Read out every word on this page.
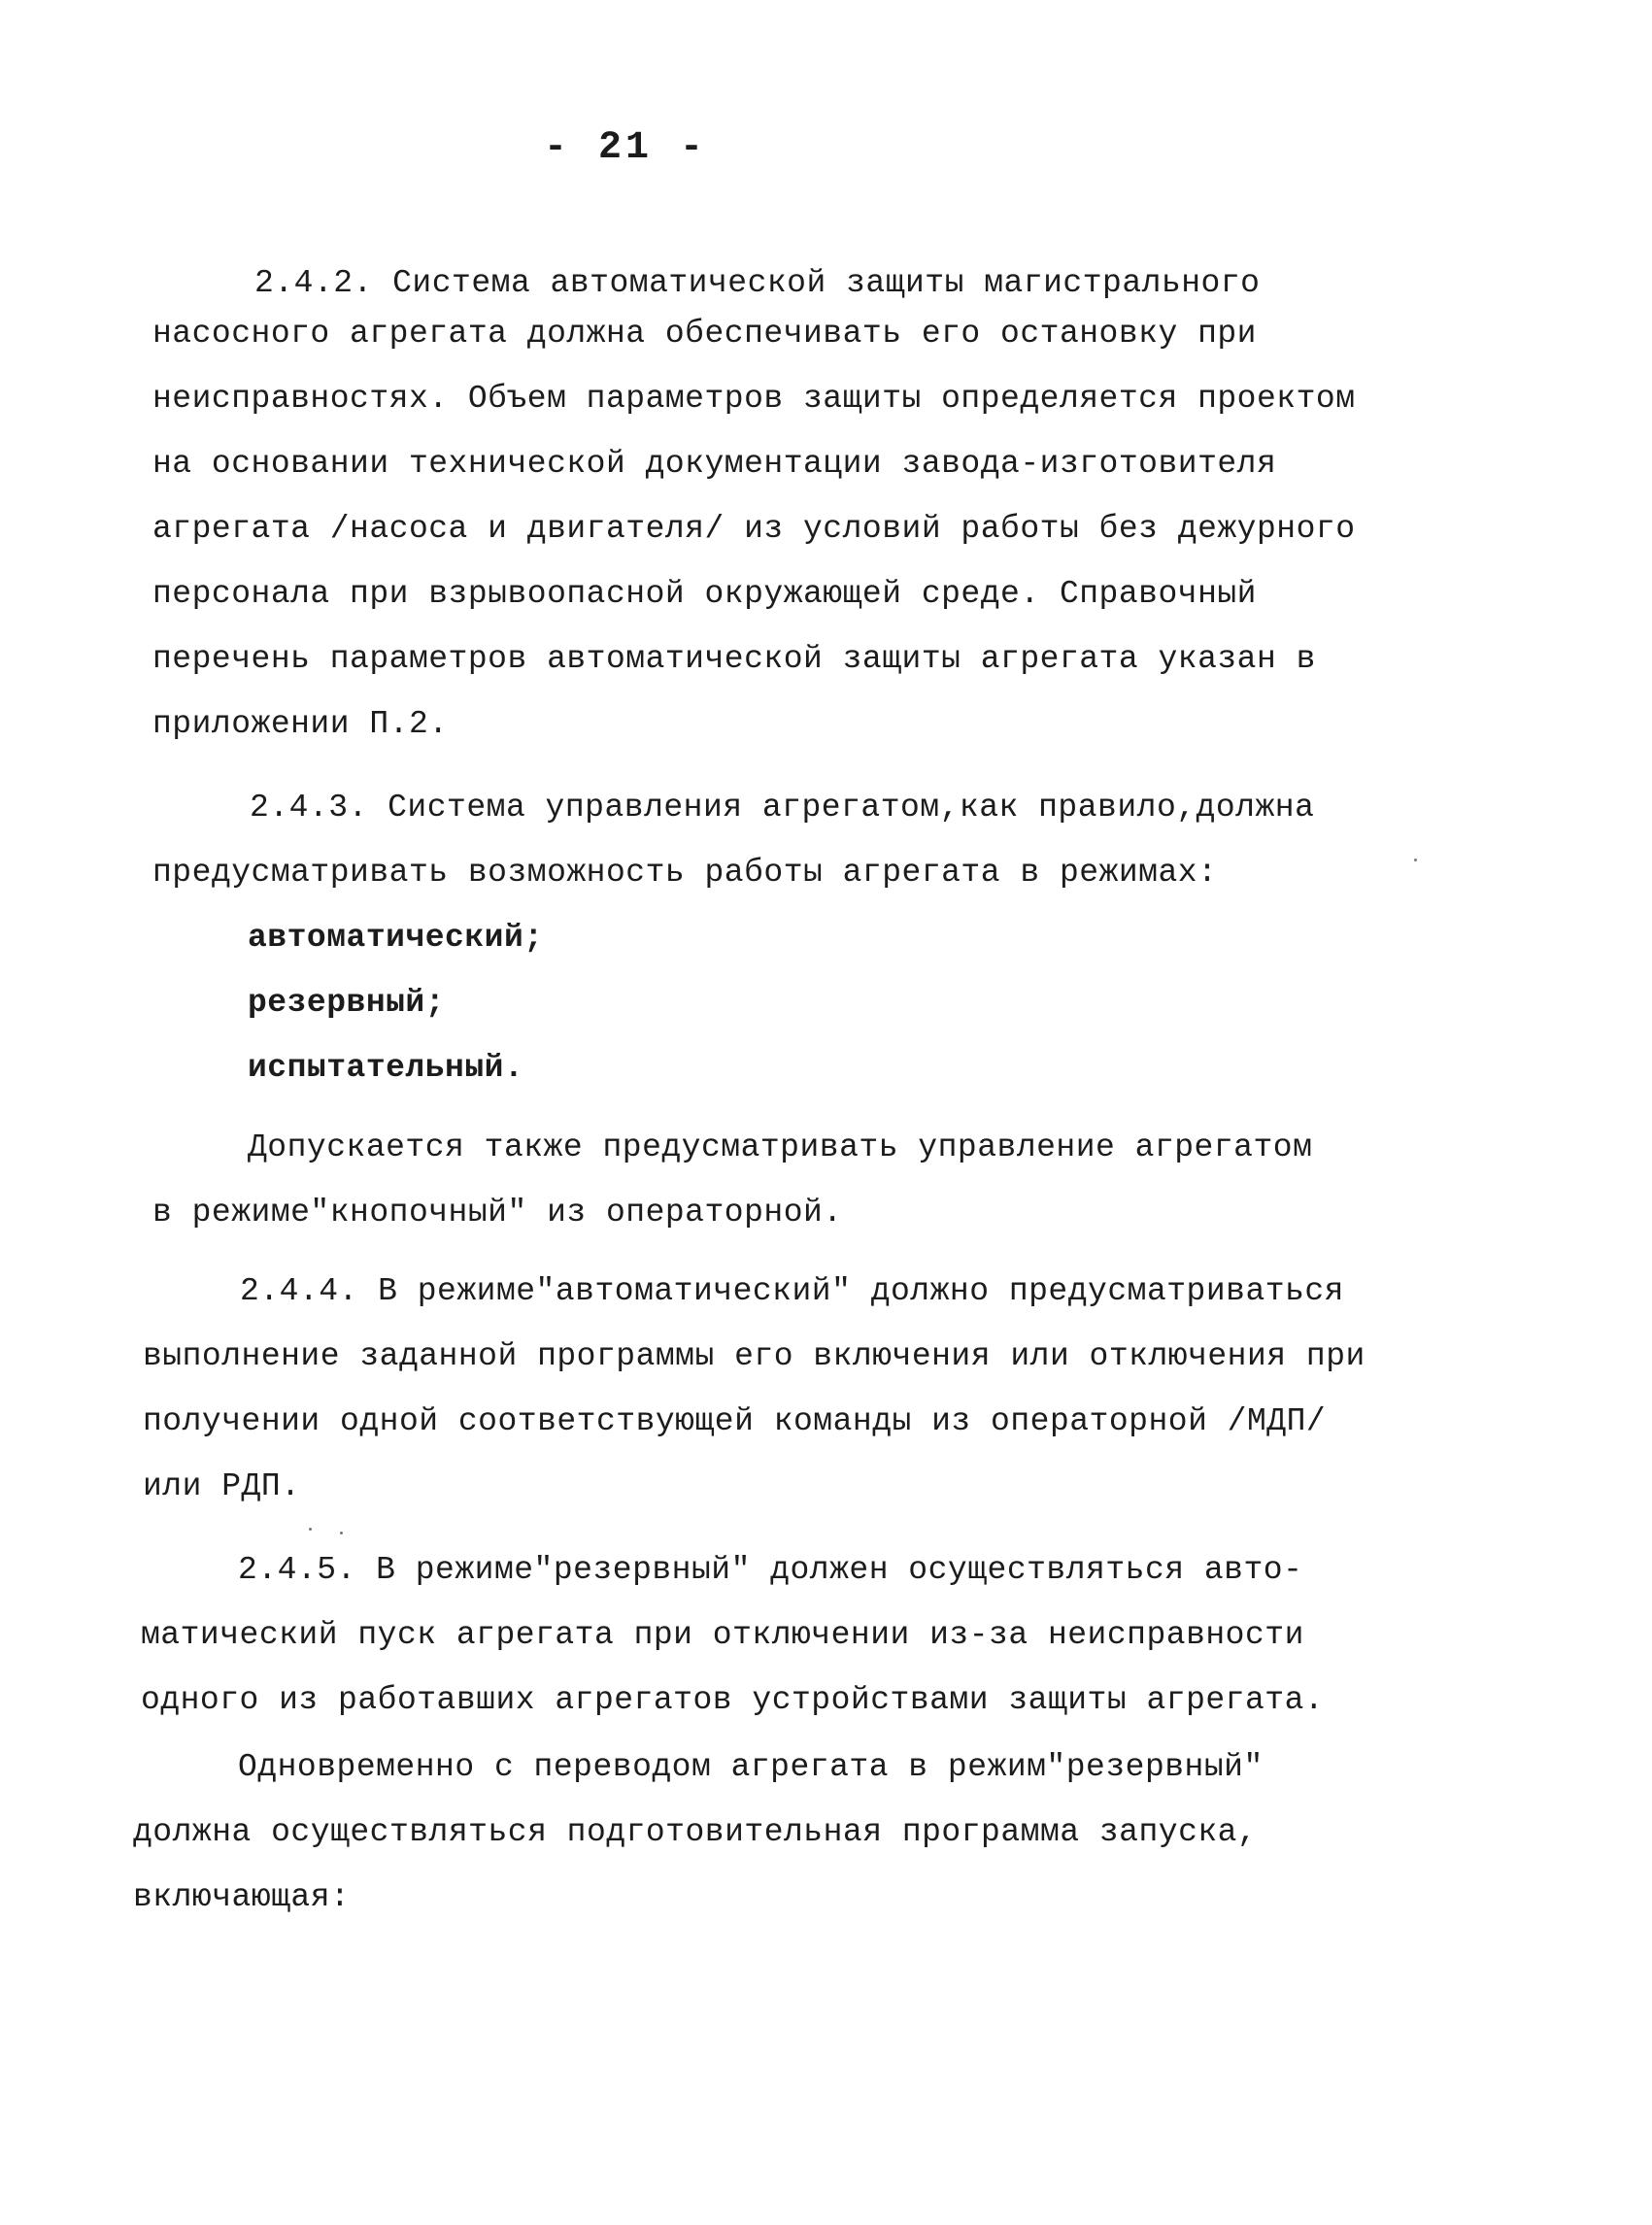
- 21 -
2.4.2. Система автоматической защиты магистрального
насосного агрегата должна обеспечивать его остановку при
неисправностях. Объем параметров защиты определяется проектом
на основании технической документации завода-изготовителя
агрегата /насоса и двигателя/ из условий работы без дежурного
персонала при взрывоопасной окружающей среде. Справочный
перечень параметров автоматической защиты агрегата указан в
приложении П.2.
2.4.3. Система управления агрегатом,как правило,должна
предусматривать возможность работы агрегата в режимах:
автоматический;
резервный;
испытательный.
Допускается также предусматривать управление агрегатом
в режиме"кнопочный" из операторной.
2.4.4. В режиме"автоматический" должно предусматриваться
выполнение заданной программы его включения или отключения при
получении одной соответствующей команды из операторной /МДП/
или РДП.
2.4.5. В режиме"резервный" должен осуществляться авто-
матический пуск агрегата при отключении из-за неисправности
одного из работавших агрегатов устройствами защиты агрегата.
Одновременно с переводом агрегата в режим"резервный"
должна осуществляться подготовительная программа запуска,
включающая:
